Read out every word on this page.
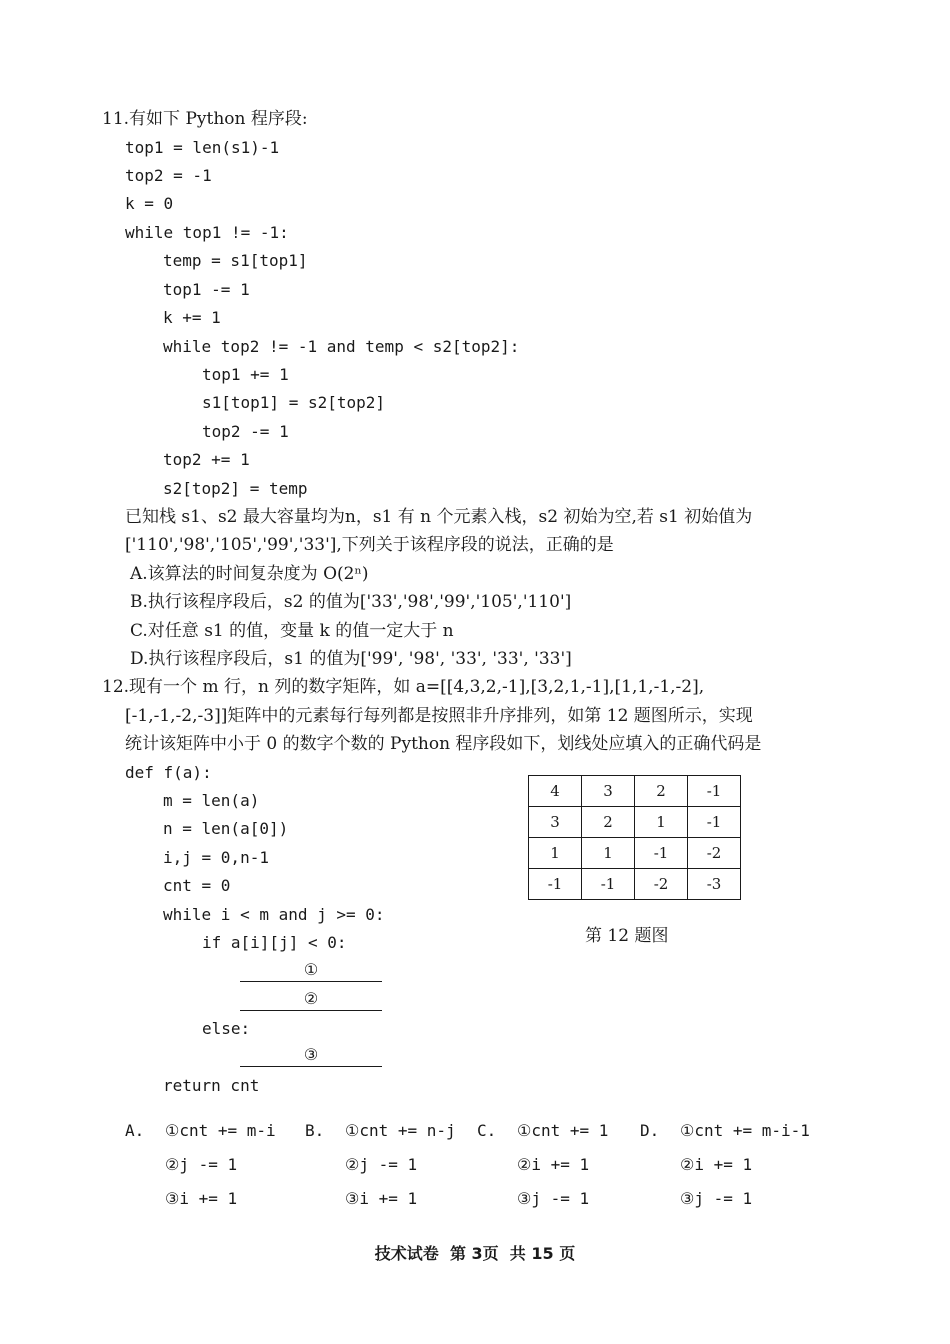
11.有如下 Python 程序段:
top1 = len(s1)-1
top2 = -1
k = 0
while top1 != -1:
temp = s1[top1]
top1 -= 1
k += 1
while top2 != -1 and temp < s2[top2]:
top1 += 1
s1[top1] = s2[top2]
top2 -= 1
top2 += 1
s2[top2] = temp
已知栈 s1、s2 最大容量均为n，s1 有 n 个元素入栈，s2 初始为空,若 s1 初始值为
['110','98','105','99','33'],下列关于该程序段的说法，正确的是
A.该算法的时间复杂度为 O(2ⁿ)
B.执行该程序段后，s2 的值为['33','98','99','105','110']
C.对任意 s1 的值，变量 k 的值一定大于 n
D.执行该程序段后，s1 的值为['99', '98', '33', '33', '33']
12.现有一个 m 行，n 列的数字矩阵，如 a=[[4,3,2,-1],[3,2,1,-1],[1,1,-1,-2],
[-1,-1,-2,-3]]矩阵中的元素每行每列都是按照非升序排列，如第 12 题图所示，实现
统计该矩阵中小于 0 的数字个数的 Python 程序段如下，划线处应填入的正确代码是
def f(a):
m = len(a)
n = len(a[0])
i,j = 0,n-1
cnt = 0
while i < m and j >= 0:
if a[i][j] < 0:
①
②
else:
③
return cnt
4	3	2	-1
3	2	1	-1
1	1	-1	-2
-1	-1	-2	-3
第 12 题图
A. ①cnt += m-i
②j -= 1
③i += 1
B. ①cnt += n-j
②j -= 1
③i += 1
C. ①cnt += 1
②i += 1
③j -= 1
D. ①cnt += m-i-1
②i += 1
③j -= 1
技术试卷  第 3页  共 15 页
